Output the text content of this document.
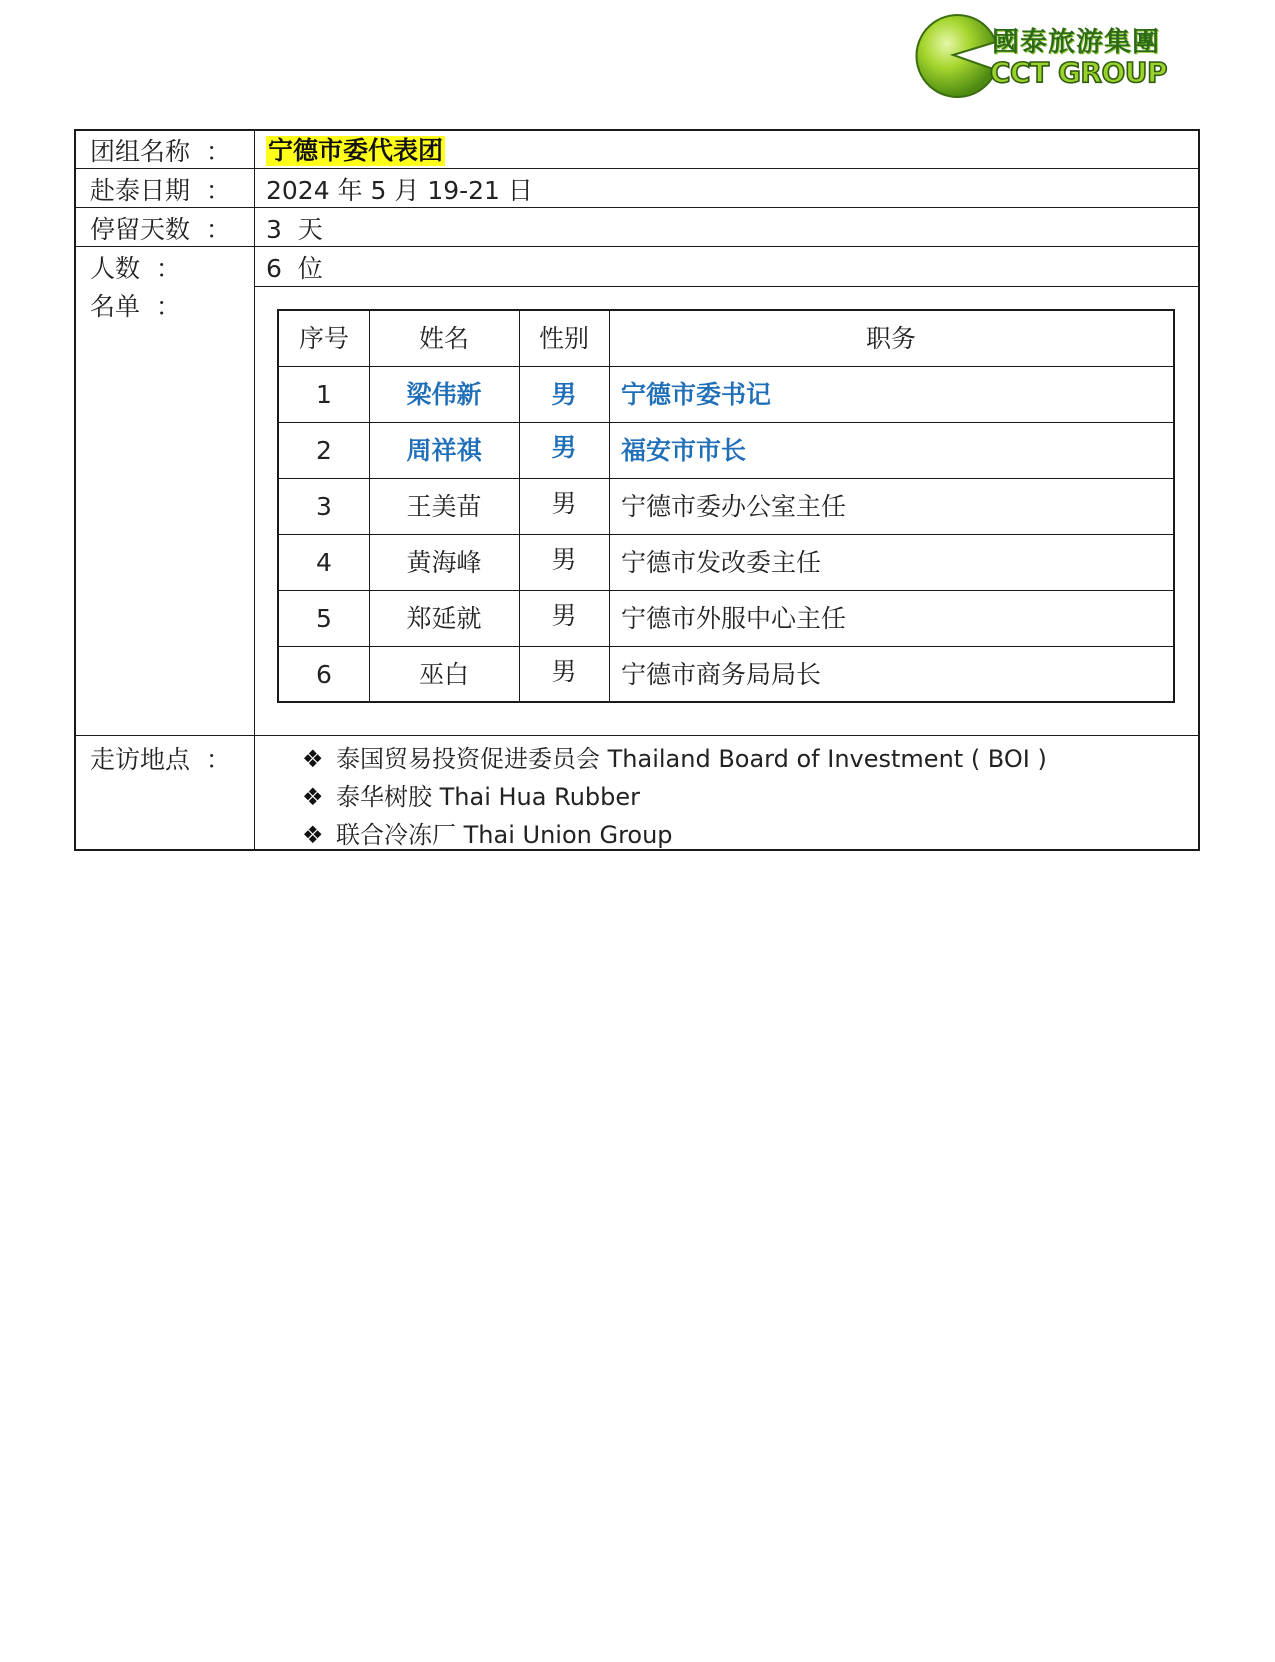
國泰旅游集團
CCT GROUP
团组名称  ： 宁德市委代表团
赴泰日期  ： 2024 年 5 月 19-21 日
停留天数  ： 3  天
人数  ：	6  位
名单  ：
走访地点  ：	❖ 泰国贸易投资促进委员会 Thailand Board of Investment ( BOI )
❖ 泰华树胶 Thai Hua Rubber
❖ 联合冷冻厂 Thai Union Group
序号	姓名	性别	职务
1	梁伟新	男	宁德市委书记
2	周祥祺	男	福安市市长
3	王美苗	男	宁德市委办公室主任
4	黄海峰	男	宁德市发改委主任
5	郑延就	男	宁德市外服中心主任
6	巫白	男	宁德市商务局局长
